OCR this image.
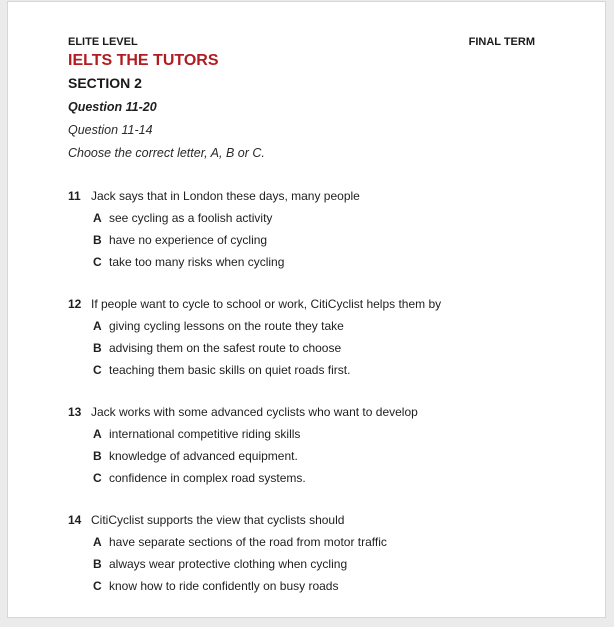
ELITE LEVEL
IELTS THE TUTORS
FINAL TERM
SECTION 2
Question 11-20
Question 11-14
Choose the correct letter, A, B or C.
11 Jack says that in London these days, many people
A see cycling as a foolish activity
B have no experience of cycling
C take too many risks when cycling
12 If people want to cycle to school or work, CitiCyclist helps them by
A giving cycling lessons on the route they take
B advising them on the safest route to choose
C teaching them basic skills on quiet roads first.
13 Jack works with some advanced cyclists who want to develop
A international competitive riding skills
B knowledge of advanced equipment.
C confidence in complex road systems.
14 CitiCyclist supports the view that cyclists should
A have separate sections of the road from motor traffic
B always wear protective clothing when cycling
C know how to ride confidently on busy roads
